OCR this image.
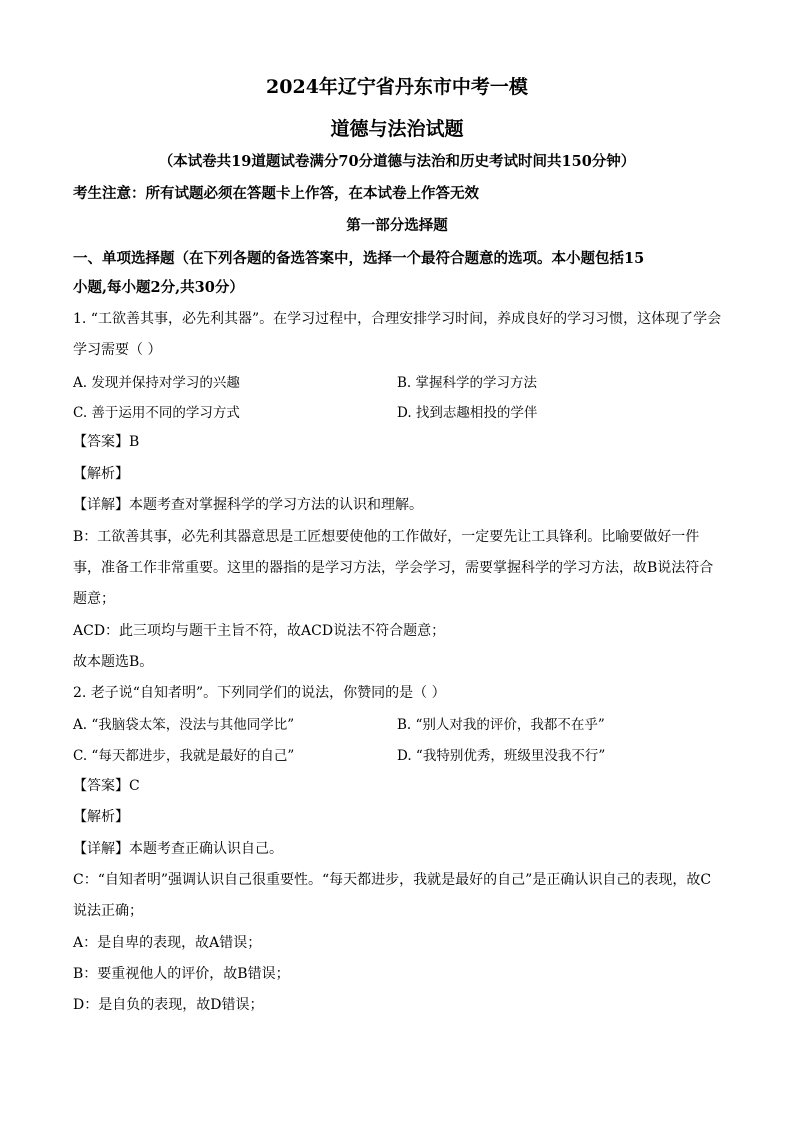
2024年辽宁省丹东市中考一模
道德与法治试题
（本试卷共19道题试卷满分70分道德与法治和历史考试时间共150分钟）
考生注意：所有试题必须在答题卡上作答，在本试卷上作答无效
第一部分选择题
一、单项选择题（在下列各题的备选答案中，选择一个最符合题意的选项。本小题包括15
小题,每小题2分,共30分）
1. “工欲善其事，必先利其器”。在学习过程中，合理安排学习时间，养成良好的学习习惯，这体现了学会
学习需要（ ）
A. 发现并保持对学习的兴趣	B. 掌握科学的学习方法
C. 善于运用不同的学习方式	D. 找到志趣相投的学伴
【答案】B
【解析】
【详解】本题考查对掌握科学的学习方法的认识和理解。
B：工欲善其事，必先利其器意思是工匠想要使他的工作做好，一定要先让工具锋利。比喻要做好一件
事，准备工作非常重要。这里的器指的是学习方法，学会学习，需要掌握科学的学习方法，故B说法符合
题意；
ACD：此三项均与题干主旨不符，故ACD说法不符合题意；
故本题选B。
2. 老子说“自知者明”。下列同学们的说法，你赞同的是（ ）
A. “我脑袋太笨，没法与其他同学比”	B. “别人对我的评价，我都不在乎”
C. “每天都进步，我就是最好的自己”	D. “我特别优秀，班级里没我不行”
【答案】C
【解析】
【详解】本题考查正确认识自己。
C：“自知者明”强调认识自己很重要性。“每天都进步，我就是最好的自己”是正确认识自己的表现，故C
说法正确；
A：是自卑的表现，故A错误；
B：要重视他人的评价，故B错误；
D：是自负的表现，故D错误；
